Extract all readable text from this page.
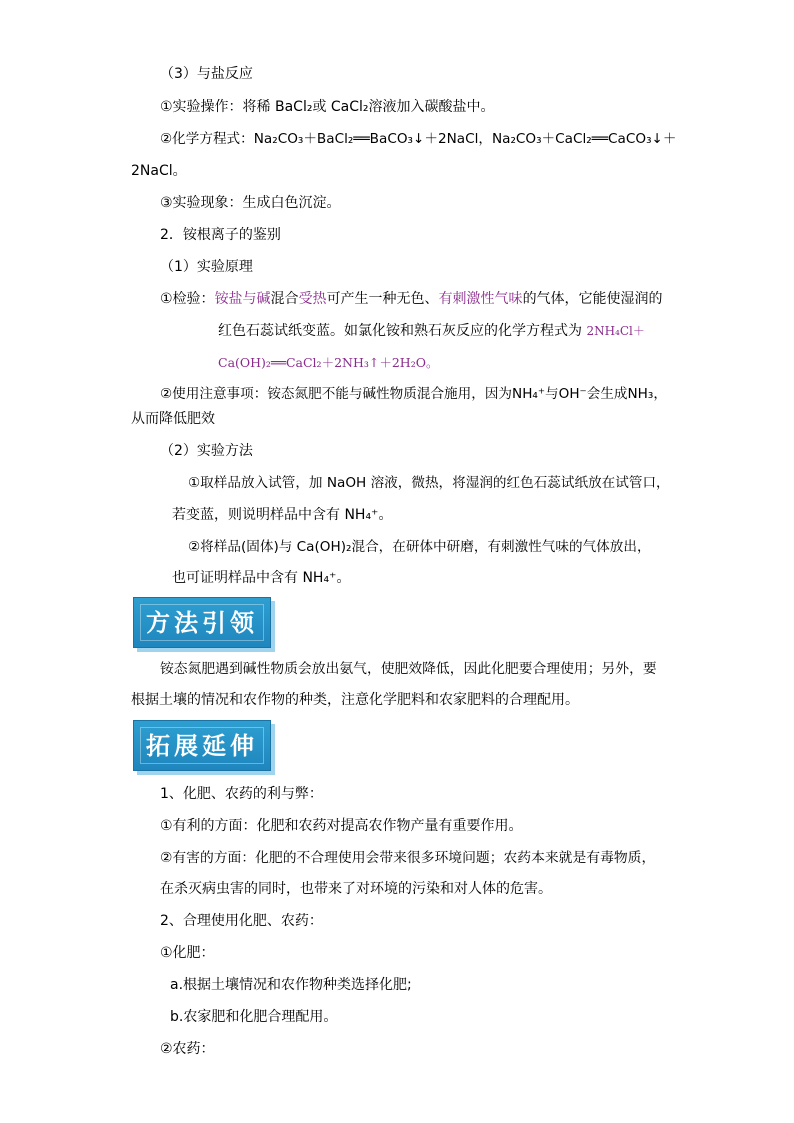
（3）与盐反应
①实验操作：将稀 BaCl₂或 CaCl₂溶液加入碳酸盐中。
②化学方程式：Na₂CO₃＋BaCl₂══BaCO₃↓＋2NaCl，Na₂CO₃＋CaCl₂══CaCO₃↓＋
2NaCl。
③实验现象：生成白色沉淀。
2．铵根离子的鉴别
（1）实验原理
①检验：铵盐与碱混合受热可产生一种无色、有刺激性气味的气体，它能使湿润的
红色石蕊试纸变蓝。如氯化铵和熟石灰反应的化学方程式为 2NH₄Cl＋
Ca(OH)₂══CaCl₂＋2NH₃↑＋2H₂O。
②使用注意事项：铵态氮肥不能与碱性物质混合施用，因为NH₄⁺与OH⁻会生成NH₃，
从而降低肥效
（2）实验方法
①取样品放入试管，加 NaOH 溶液，微热，将湿润的红色石蕊试纸放在试管口，
若变蓝，则说明样品中含有 NH₄⁺。
②将样品(固体)与 Ca(OH)₂混合，在研体中研磨，有刺激性气味的气体放出，
也可证明样品中含有 NH₄⁺。
方法引领
铵态氮肥遇到碱性物质会放出氨气，使肥效降低，因此化肥要合理使用；另外，要
根据土壤的情况和农作物的种类，注意化学肥料和农家肥料的合理配用。
拓展延伸
1、化肥、农药的利与弊：
①有利的方面：化肥和农药对提高农作物产量有重要作用。
②有害的方面：化肥的不合理使用会带来很多环境问题；农药本来就是有毒物质，
在杀灭病虫害的同时，也带来了对环境的污染和对人体的危害。
2、合理使用化肥、农药：
①化肥：
a.根据土壤情况和农作物种类选择化肥;
b.农家肥和化肥合理配用。
②农药：
